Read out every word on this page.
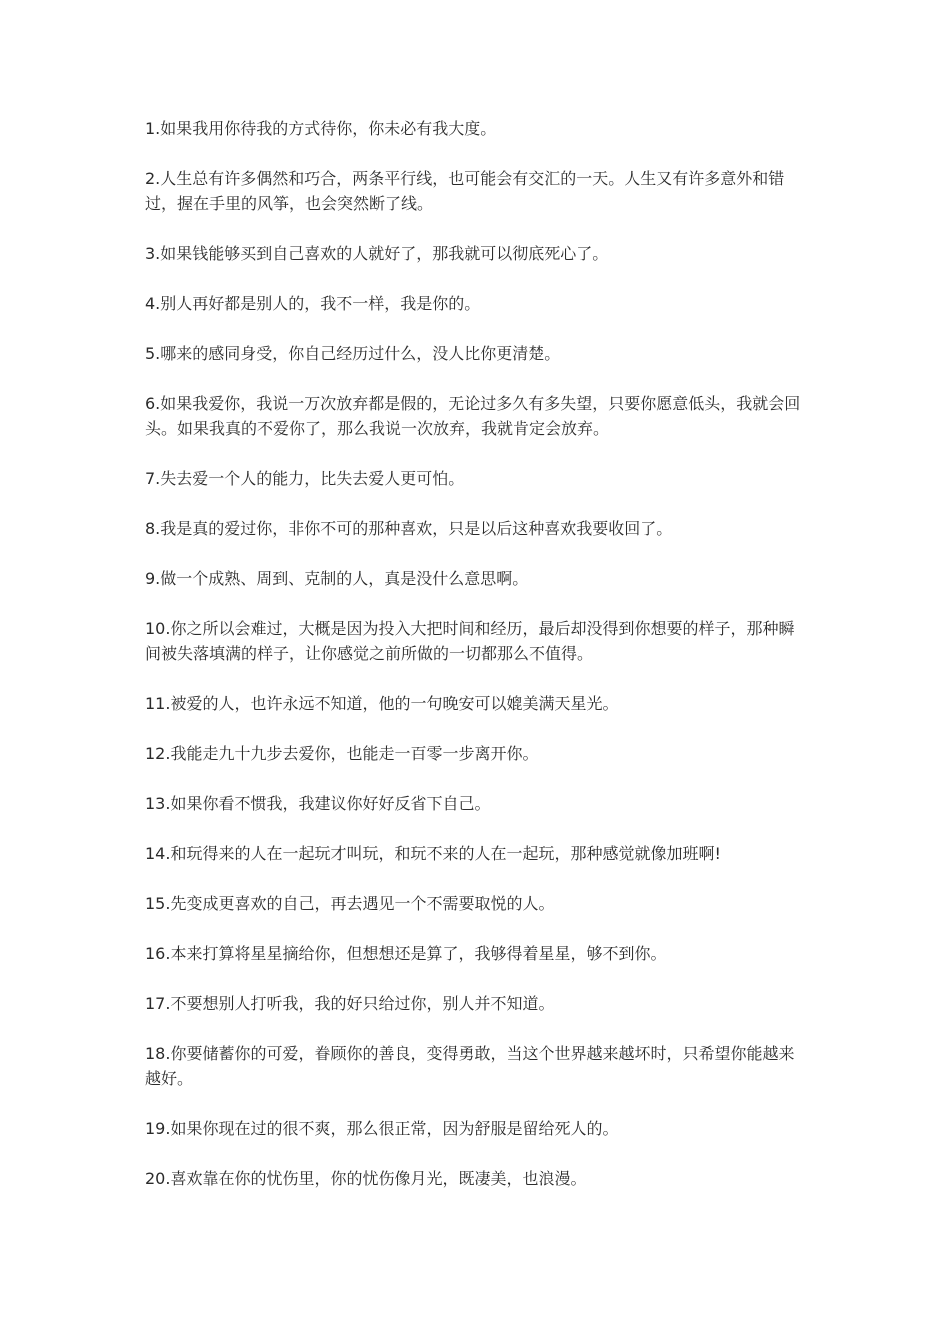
1.如果我用你待我的方式待你，你未必有我大度。

2.人生总有许多偶然和巧合，两条平行线，也可能会有交汇的一天。人生又有许多意外和错过，握在手里的风筝，也会突然断了线。

3.如果钱能够买到自己喜欢的人就好了，那我就可以彻底死心了。

4.别人再好都是别人的，我不一样，我是你的。

5.哪来的感同身受，你自己经历过什么，没人比你更清楚。

6.如果我爱你，我说一万次放弃都是假的，无论过多久有多失望，只要你愿意低头，我就会回头。如果我真的不爱你了，那么我说一次放弃，我就肯定会放弃。

7.失去爱一个人的能力，比失去爱人更可怕。

8.我是真的爱过你，非你不可的那种喜欢，只是以后这种喜欢我要收回了。

9.做一个成熟、周到、克制的人，真是没什么意思啊。

10.你之所以会难过，大概是因为投入大把时间和经历，最后却没得到你想要的样子，那种瞬间被失落填满的样子，让你感觉之前所做的一切都那么不值得。

11.被爱的人，也许永远不知道，他的一句晚安可以媲美满天星光。

12.我能走九十九步去爱你，也能走一百零一步离开你。

13.如果你看不惯我，我建议你好好反省下自己。

14.和玩得来的人在一起玩才叫玩，和玩不来的人在一起玩，那种感觉就像加班啊!

15.先变成更喜欢的自己，再去遇见一个不需要取悦的人。

16.本来打算将星星摘给你，但想想还是算了，我够得着星星，够不到你。

17.不要想别人打听我，我的好只给过你，别人并不知道。

18.你要储蓄你的可爱，眷顾你的善良，变得勇敢，当这个世界越来越坏时，只希望你能越来越好。

19.如果你现在过的很不爽，那么很正常，因为舒服是留给死人的。

20.喜欢靠在你的忧伤里，你的忧伤像月光，既凄美，也浪漫。
